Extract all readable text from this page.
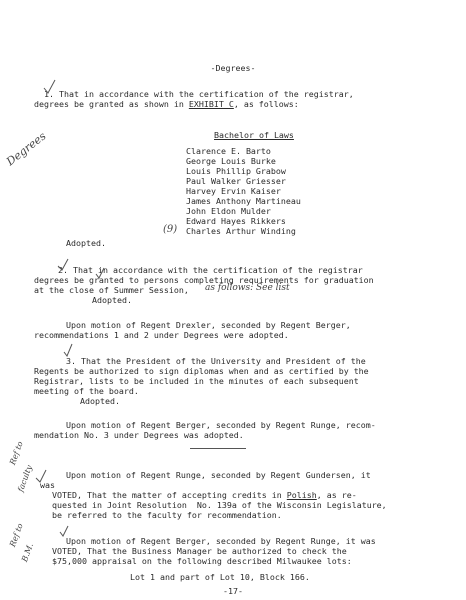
-Degrees-
1. That in accordance with the certification of the registrar,
degrees be granted as shown in EXHIBIT C, as follows:
Bachelor of Laws
Clarence E. Barto
George Louis Burke
Louis Phillip Grabow
Paul Walker Griesser
Harvey Ervin Kaiser
James Anthony Martineau
John Eldon Mulder
Edward Hayes Rikkers
Charles Arthur Winding
Adopted.
(9)
2. That in accordance with the certification of the registrar
degrees be granted to persons completing requirements for graduation
at the close of Summer Session, as follows: See list
Adopted.
Upon motion of Regent Drexler, seconded by Regent Berger,
recommendations 1 and 2 under Degrees were adopted.
3. That the President of the University and President of the
Regents be authorized to sign diplomas when and as certified by the
Registrar, lists to be included in the minutes of each subsequent
meeting of the board.
Adopted.
Upon motion of Regent Berger, seconded by Regent Runge, recom-
mendation No. 3 under Degrees was adopted.
Upon motion of Regent Runge, seconded by Regent Gundersen, it
was
VOTED, That the matter of accepting credits in Polish, as re-
quested in Joint Resolution  No. 139a of the Wisconsin Legislature,
be referred to the faculty for recommendation.
Upon motion of Regent Berger, seconded by Regent Runge, it was
VOTED, That the Business Manager be authorized to check the
$75,000 appraisal on the following described Milwaukee lots:
Lot 1 and part of Lot 10, Block 166.
-17-
Degrees
Ref to
faculty
Ref to
B.M.
